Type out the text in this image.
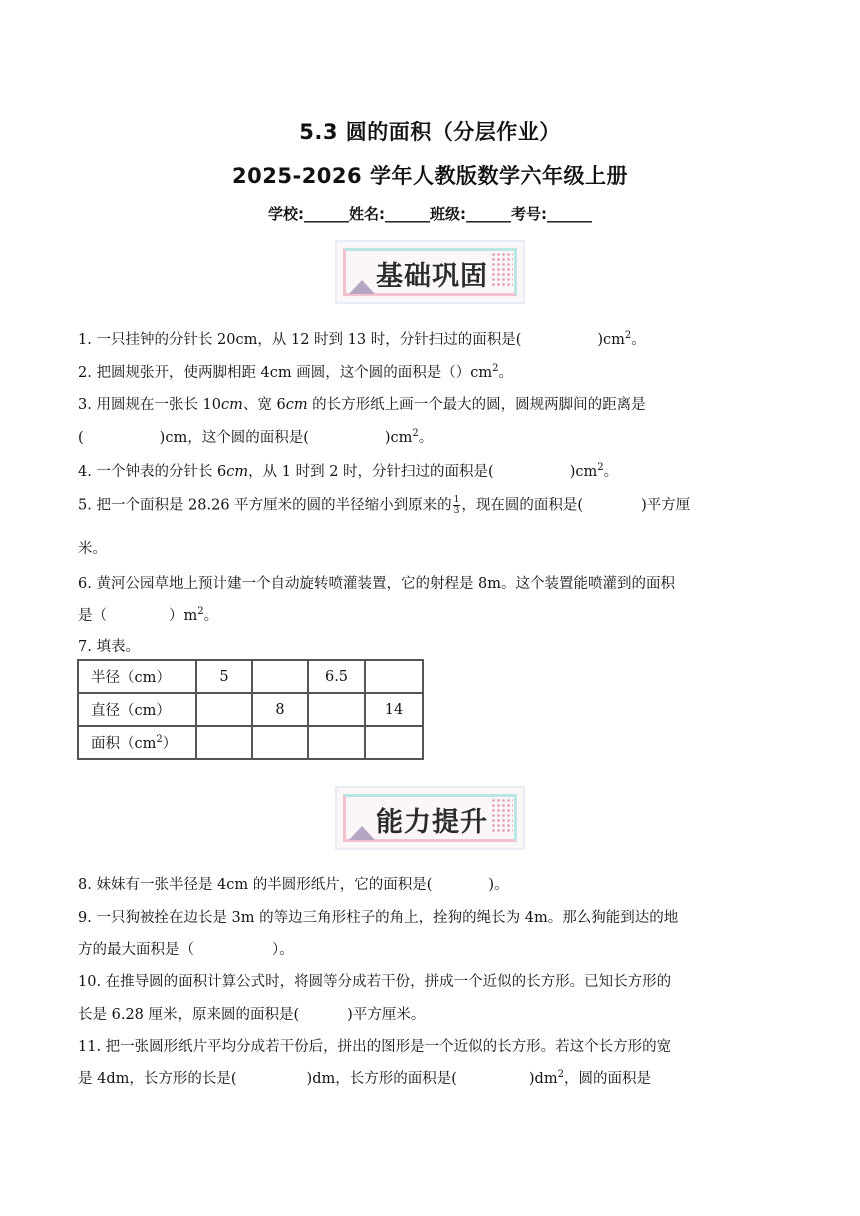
5.3 圆的面积（分层作业）
2025-2026 学年人教版数学六年级上册
学校:______姓名:______班级:______考号:______
基础巩固
1. 一只挂钟的分针长 20cm，从 12 时到 13 时，分针扫过的面积是(	)$cm^2$。
2. 把圆规张开，使两脚相距 4cm 画圆，这个圆的面积是$()cm^2$。
3. 用圆规在一张长 10𝑐𝑚、宽 6𝑐𝑚 的长方形纸上画一个最大的圆，圆规两脚间的距离是
(	)cm，这个圆的面积是(	)$cm^2$。
4. 一个钟表的分针长 6𝑐𝑚，从 1 时到 2 时，分针扫过的面积是(	)$cm^2$。
5. 把一个面积是 28.26 平方厘米的圆的半径缩小到原来的 $\frac{1}{3}$ ，现在圆的面积是(	)平方厘
米。
6. 黄河公园草地上预计建一个自动旋转喷灌装置，它的射程是 8m。这个装置能喷灌到的面积
是（	）$m^2$。
7. 填表。
半径（cm）	5		6.5	
直径（cm）		8		14
面积$(cm^2)$				
能力提升
8. 妹妹有一张半径是 4cm 的半圆形纸片，它的面积是(	)。
9. 一只狗被拴在边长是 3m 的等边三角形柱子的角上，拴狗的绳长为 4m。那么狗能到达的地
方的最大面积是（	）。
10. 在推导圆的面积计算公式时，将圆等分成若干份，拼成一个近似的长方形。已知长方形的
长是 6.28 厘米，原来圆的面积是(	)平方厘米。
11. 把一张圆形纸片平均分成若干份后，拼出的图形是一个近似的长方形。若这个长方形的宽
是 4dm，长方形的长是(	)dm，长方形的面积是(	)$dm^2$，圆的面积是
